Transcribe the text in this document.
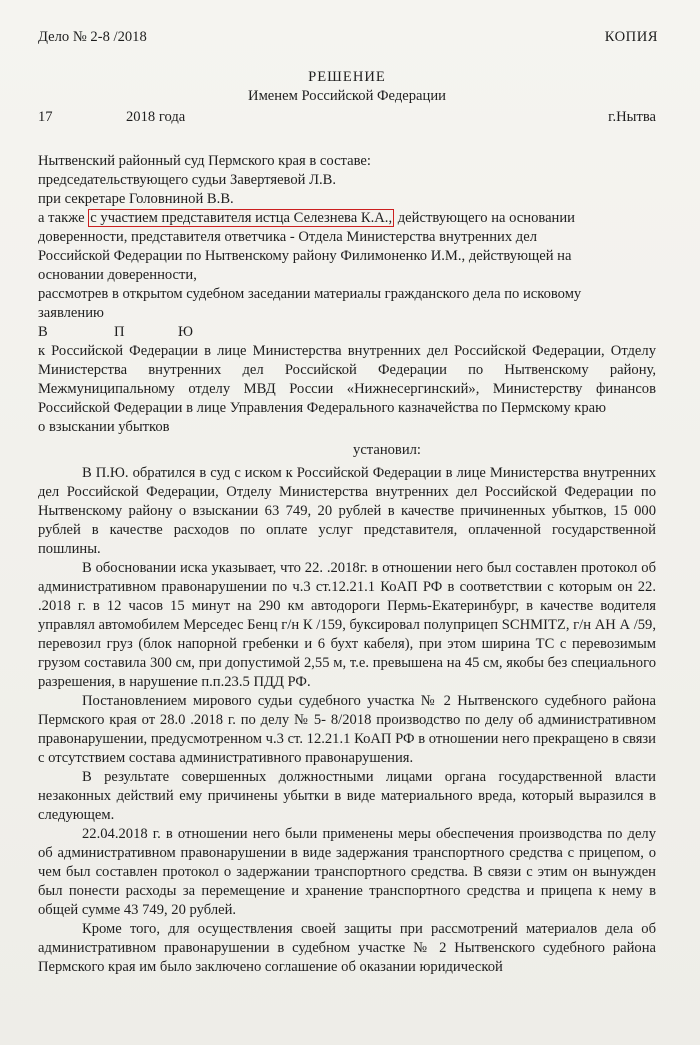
Дело № 2-8 /2018	КОПИЯ

РЕШЕНИЕ

Именем Российской Федерации

17	2018 года	г.Нытва

Нытвенский районный суд Пермского края в составе:

председательствующего судьи Завертяевой Л.В.

при секретаре Головниной В.В.

а также с участием представителя истца Селезнева К.А., действующего на основании

доверенности, представителя ответчика - Отдела Министерства внутренних дел

Российской Федерации по Нытвенскому району Филимоненко И.М., действующей на

основании доверенности,

рассмотрев в открытом судебном заседании материалы гражданского дела по исковому

заявлению

В	П	Ю

к Российской Федерации в лице Министерства внутренних дел Российской Федерации, Отделу Министерства внутренних дел Российской Федерации по Нытвенскому району, Межмуниципальному отделу МВД России «Нижнесергинский», Министерству финансов Российской Федерации в лице Управления Федерального казначейства по Пермскому краю

о взыскании убытков

установил:

В П.Ю. обратился в суд с иском к Российской Федерации в лице Министерства внутренних дел Российской Федерации, Отделу Министерства внутренних дел Российской Федерации по Нытвенскому району о взыскании 63 749, 20 рублей в качестве причиненных убытков, 15 000 рублей в качестве расходов по оплате услуг представителя, оплаченной государственной пошлины.

В обосновании иска указывает, что 22. .2018г. в отношении него был составлен протокол об административном правонарушении по ч.3 ст.12.21.1 КоАП РФ в соответствии с которым он 22. .2018 г. в 12 часов 15 минут на 290 км автодороги Пермь-Екатеринбург, в качестве водителя управлял автомобилем Мерседес Бенц г/н К /159, буксировал полуприцеп SCHMITZ, г/н АН А /59, перевозил груз (блок напорной гребенки и 6 бухт кабеля), при этом ширина ТС с перевозимым грузом составила 300 см, при допустимой 2,55 м, т.е. превышена на 45 см, якобы без специального разрешения, в нарушение п.п.23.5 ПДД РФ.

Постановлением мирового судьи судебного участка № 2 Нытвенского судебного района Пермского края от 28.0 .2018 г. по делу № 5- 8/2018 производство по делу об административном правонарушении, предусмотренном ч.3 ст. 12.21.1 КоАП РФ в отношении него прекращено в связи с отсутствием состава административного правонарушения.

В результате совершенных должностными лицами органа государственной власти незаконных действий ему причинены убытки в виде материального вреда, который выразился в следующем.

22.04.2018 г. в отношении него были применены меры обеспечения производства по делу об административном правонарушении в виде задержания транспортного средства с прицепом, о чем был составлен протокол о задержании транспортного средства. В связи с этим он вынужден был понести расходы за перемещение и хранение транспортного средства и прицепа к нему в общей сумме 43 749, 20 рублей.

Кроме того, для осуществления своей защиты при рассмотрений материалов дела об административном правонарушении в судебном участке № 2 Нытвенского судебного района Пермского края им было заключено соглашение об оказании юридической
